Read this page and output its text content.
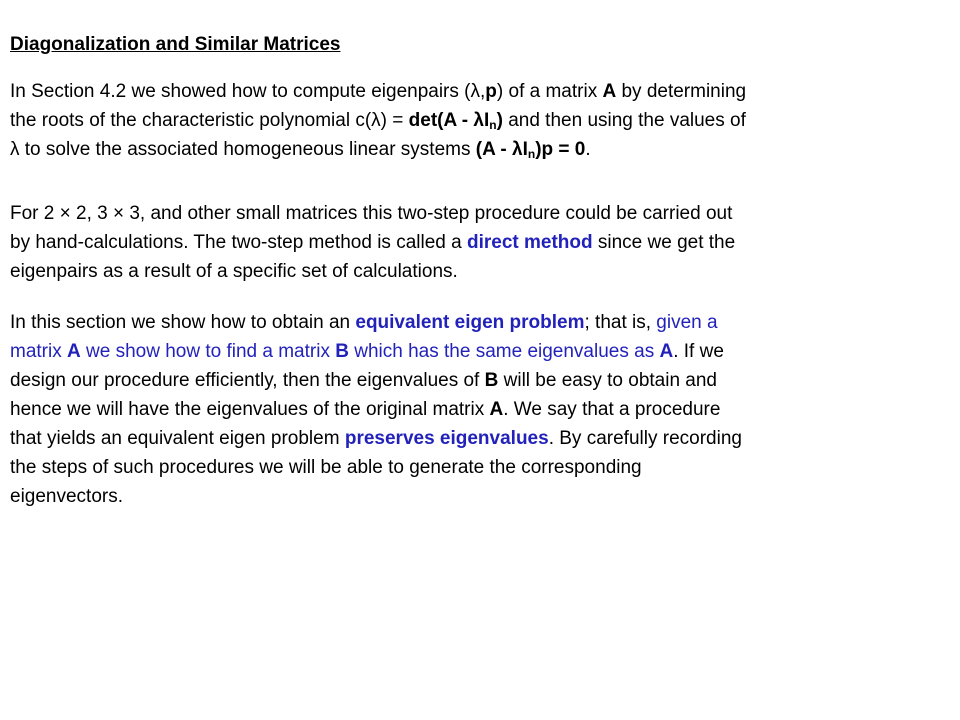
Diagonalization and Similar Matrices
In Section 4.2 we showed how to compute eigenpairs (λ,p) of a matrix A by determining
the roots of the characteristic polynomial $c(\lambda) = \det(A - \lambda I_n)$ and then using the values of
λ to solve the associated homogeneous linear systems $(A - \lambda I_n)p = 0$.
For 2 × 2, 3 × 3, and other small matrices this two-step procedure could be carried out
by hand-calculations. The two-step method is called a direct method since we get the
eigenpairs as a result of a specific set of calculations.
In this section we show how to obtain an equivalent eigen problem; that is, given a
matrix A we show how to find a matrix B which has the same eigenvalues as A. If we
design our procedure efficiently, then the eigenvalues of B will be easy to obtain and
hence we will have the eigenvalues of the original matrix A. We say that a procedure
that yields an equivalent eigen problem preserves eigenvalues. By carefully recording
the steps of such procedures we will be able to generate the corresponding
eigenvectors.
